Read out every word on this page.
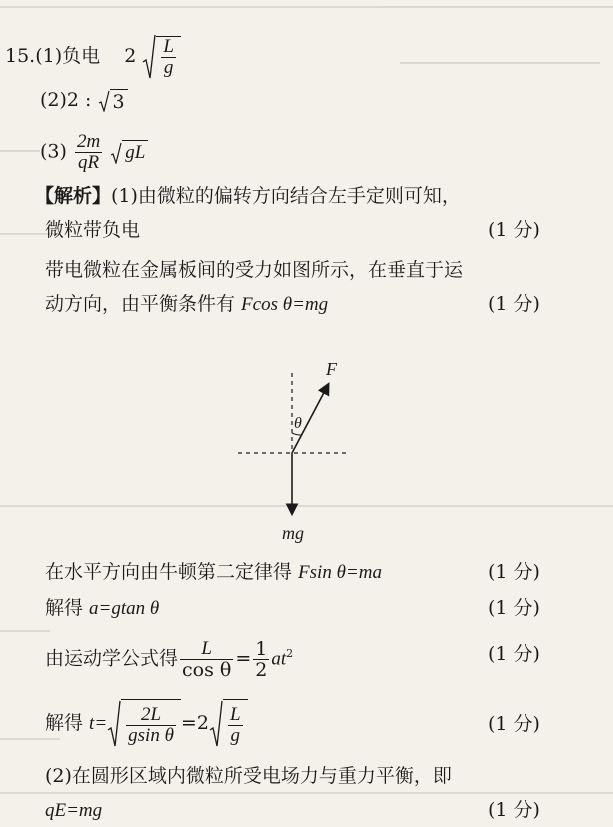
15.(1)负电 $2 \frac{L}{g}$
(2)2 : 3
$(3) \frac{2m}{qR}$ gL
【解析】(1)由微粒的偏转方向结合左手定则可知，
微粒带负电	(1 分)
带电微粒在金属板间的受力如图所示，在垂直于运
动方向，由平衡条件有 Fcos θ=mg	(1 分)
F
θ
mg
在水平方向由牛顿第二定律得 Fsin θ=ma	(1 分)
解得 a=gtan θ	(1 分)
由运动学公式得 $\frac{L}{\text{cos θ}} = \frac{1}{2} at^2$	(1 分)
解得 $t= \frac{2L}{\text{gsin θ}} =2 \frac{L}{g}$	(1 分)
(2)在圆形区域内微粒所受电场力与重力平衡，即
qE=mg	(1 分)
